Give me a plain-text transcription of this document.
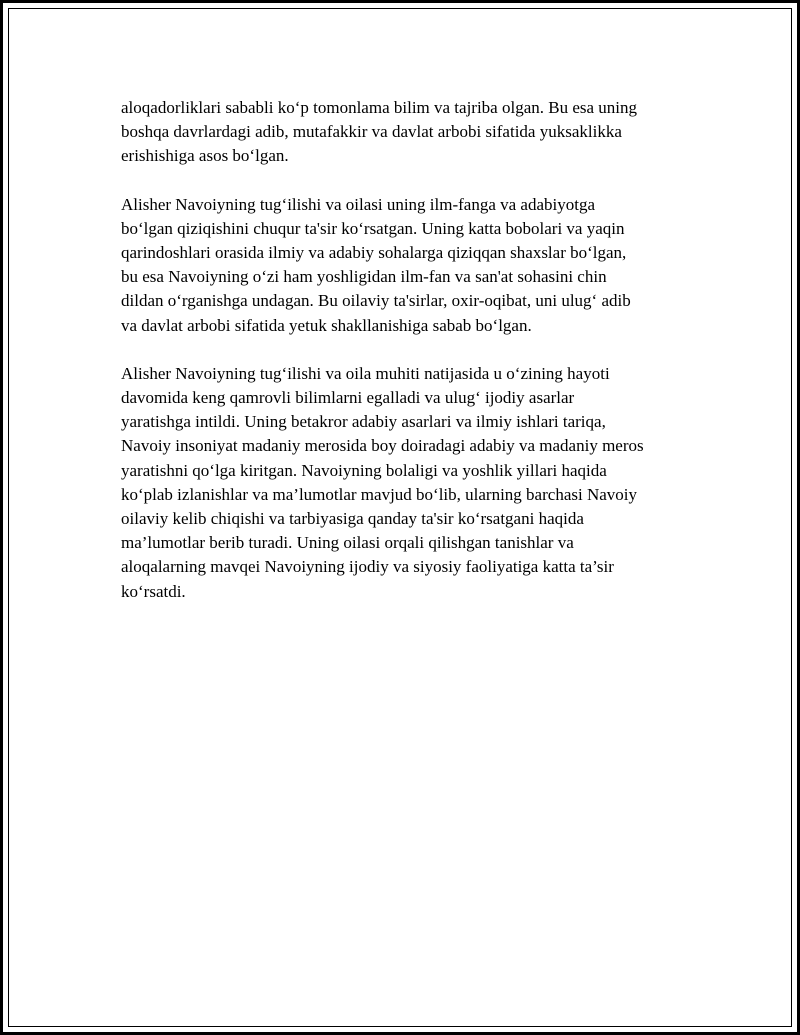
aloqadorliklari sababli ko‘p tomonlama bilim va tajriba olgan. Bu esa uning
boshqa davrlardagi adib, mutafakkir va davlat arbobi sifatida yuksaklikka
erishishiga asos bo‘lgan.

Alisher Navoiyning tug‘ilishi va oilasi uning ilm-fanga va adabiyotga
bo‘lgan qiziqishini chuqur ta'sir ko‘rsatgan. Uning katta bobolari va yaqin
qarindoshlari orasida ilmiy va adabiy sohalarga qiziqqan shaxslar bo‘lgan,
bu esa Navoiyning o‘zi ham yoshligidan ilm-fan va san'at sohasini chin
dildan o‘rganishga undagan. Bu oilaviy ta'sirlar, oxir-oqibat, uni ulug‘ adib
va davlat arbobi sifatida yetuk shakllanishiga sabab bo‘lgan.

Alisher Navoiyning tug‘ilishi va oila muhiti natijasida u o‘zining hayoti
davomida keng qamrovli bilimlarni egalladi va ulug‘ ijodiy asarlar
yaratishga intildi. Uning betakror adabiy asarlari va ilmiy ishlari tariqa,
Navoiy insoniyat madaniy merosida boy doiradagi adabiy va madaniy meros
yaratishni qo‘lga kiritgan. Navoiyning bolaligi va yoshlik yillari haqida
ko‘plab izlanishlar va ma’lumotlar mavjud bo‘lib, ularning barchasi Navoiy
oilaviy kelib chiqishi va tarbiyasiga qanday ta'sir ko‘rsatgani haqida
ma’lumotlar berib turadi. Uning oilasi orqali qilishgan tanishlar va
aloqalarning mavqei Navoiyning ijodiy va siyosiy faoliyatiga katta ta’sir
ko‘rsatdi.
